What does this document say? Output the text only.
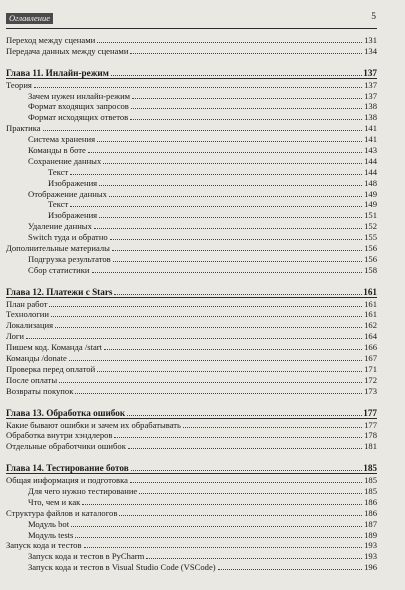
Оглавление	5
Переход между сценами	131
Передача данных между сценами	134
Глава 11. Инлайн-режим	137
Теория	137
Зачем нужен инлайн-режим	137
Формат входящих запросов	138
Формат исходящих ответов	138
Практика	141
Система хранения	141
Команды в боте	143
Сохранение данных	144
Текст	144
Изображения	148
Отображение данных	149
Текст	149
Изображения	151
Удаление данных	152
Switch туда и обратно	155
Дополнительные материалы	156
Подгрузка результатов	156
Сбор статистики	158
Глава 12. Платежи с Stars	161
План работ	161
Технологии	161
Локализация	162
Логи	164
Пишем код. Команда /start	166
Команды /donate	167
Проверка перед оплатой	171
После оплаты	172
Возвраты покупок	173
Глава 13. Обработка ошибок	177
Какие бывают ошибки и зачем их обрабатывать	177
Обработка внутри хэндлеров	178
Отдельные обработчики ошибок	181
Глава 14. Тестирование ботов	185
Общая информация и подготовка	185
Для чего нужно тестирование	185
Что, чем и как	186
Структура файлов и каталогов	186
Модуль bot	187
Модуль tests	189
Запуск кода и тестов	193
Запуск кода и тестов в PyCharm	193
Запуск кода и тестов в Visual Studio Code (VSCode)	196
